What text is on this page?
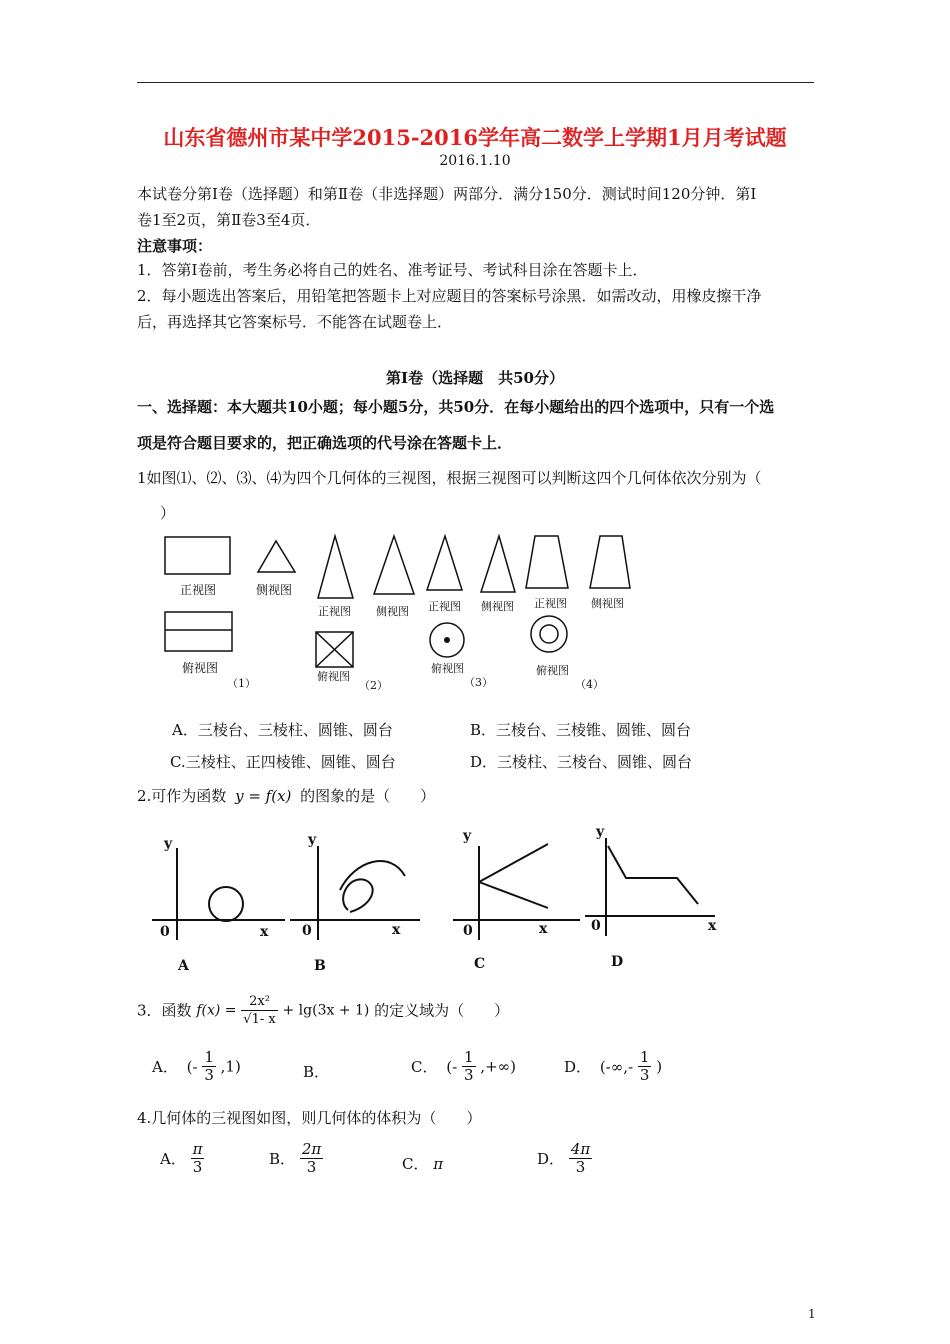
山东省德州市某中学2015-2016学年高二数学上学期1月月考试题
2016.1.10
本试卷分第Ⅰ卷（选择题）和第Ⅱ卷（非选择题）两部分．满分150分．测试时间120分钟．第Ⅰ
卷1至2页，第Ⅱ卷3至4页．
注意事项：
1．答第Ⅰ卷前，考生务必将自己的姓名、准考证号、考试科目涂在答题卡上．
2．每小题选出答案后，用铅笔把答题卡上对应题目的答案标号涂黑．如需改动，用橡皮擦干净
后，再选择其它答案标号．不能答在试题卷上．
第Ⅰ卷（选择题　共50分）
一、选择题：本大题共10小题；每小题5分，共50分．在每小题给出的四个选项中，只有一个选
项是符合题目要求的，把正确选项的代号涂在答题卡上．
1如图⑴、⑵、⑶、⑷为四个几何体的三视图，根据三视图可以判断这四个几何体依次分别为（
）
正视图	侧视图
俯视图
（1）
正视图 侧视图
俯视图
（2）
正视图 侧视图
俯视图
（3）
正视图 侧视图
俯视图
（4）
A．三棱台、三棱柱、圆锥、圆台	B．三棱台、三棱锥、圆锥、圆台
C.三棱柱、正四棱锥、圆锥、圆台	D．三棱柱、三棱台、圆锥、圆台
2.可作为函数 y = f(x) 的图象的是（　　）
y
x
0
A
y
x
0
B
y
x
0
C
y
x
0
D
3．函数 $f(x) = \frac{\text{2x²}}{√1- x} + \lg(3x + 1)$ 的定义域为（　　）
A． (- $\frac{1}{3} ,1$)	B．	C． (- $\frac{1}{3}$ ,+∞)	D． (-∞,- $\frac{1}{3}$ )
4.几何体的三视图如图，则几何体的体积为（　　）
A． $\frac{\pi}{3}$	B． $\frac{2\pi}{3}$	C． π	D． $\frac{4\pi}{3}$
1
